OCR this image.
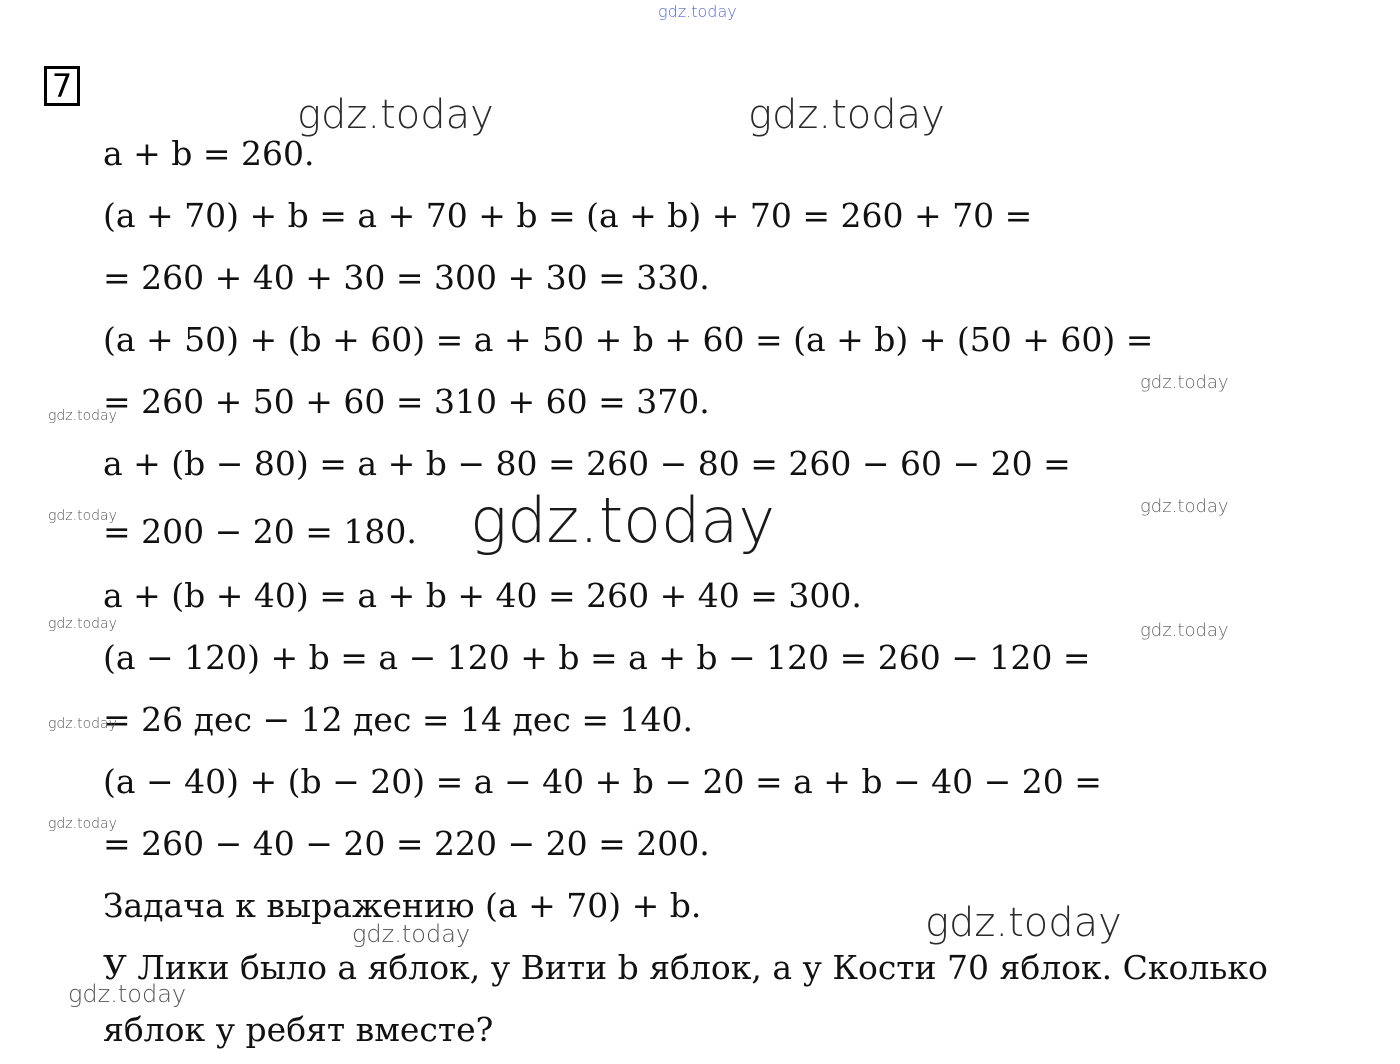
7
a + b = 260.
(a + 70) + b = a + 70 + b = (a + b) + 70 = 260 + 70 =
= 260 + 40 + 30 = 300 + 30 = 330.
(a + 50) + (b + 60) = a + 50 + b + 60 = (a + b) + (50 + 60) =
= 260 + 50 + 60 = 310 + 60 = 370.
a + (b − 80) = a + b − 80 = 260 − 80 = 260 − 60 − 20 =
= 200 − 20 = 180.
a + (b + 40) = a + b + 40 = 260 + 40 = 300.
(a − 120) + b = a − 120 + b = a + b − 120 = 260 − 120 =
= 26 дес − 12 дес = 14 дес = 140.
(a − 40) + (b − 20) = a − 40 + b − 20 = a + b − 40 − 20 =
= 260 − 40 − 20 = 220 − 20 = 200.
Задача к выражению (a + 70) + b.
У Лики было a яблок, у Вити b яблок, а у Кости 70 яблок. Сколько
яблок у ребят вместе?
gdz.today
gdz.today	gdz.today
gdz.today
gdz.today
gdz.today	gdz.today
gdz.today
gdz.today	gdz.today
gdz.today
gdz.today
gdz.today
gdz.today
gdz.today
